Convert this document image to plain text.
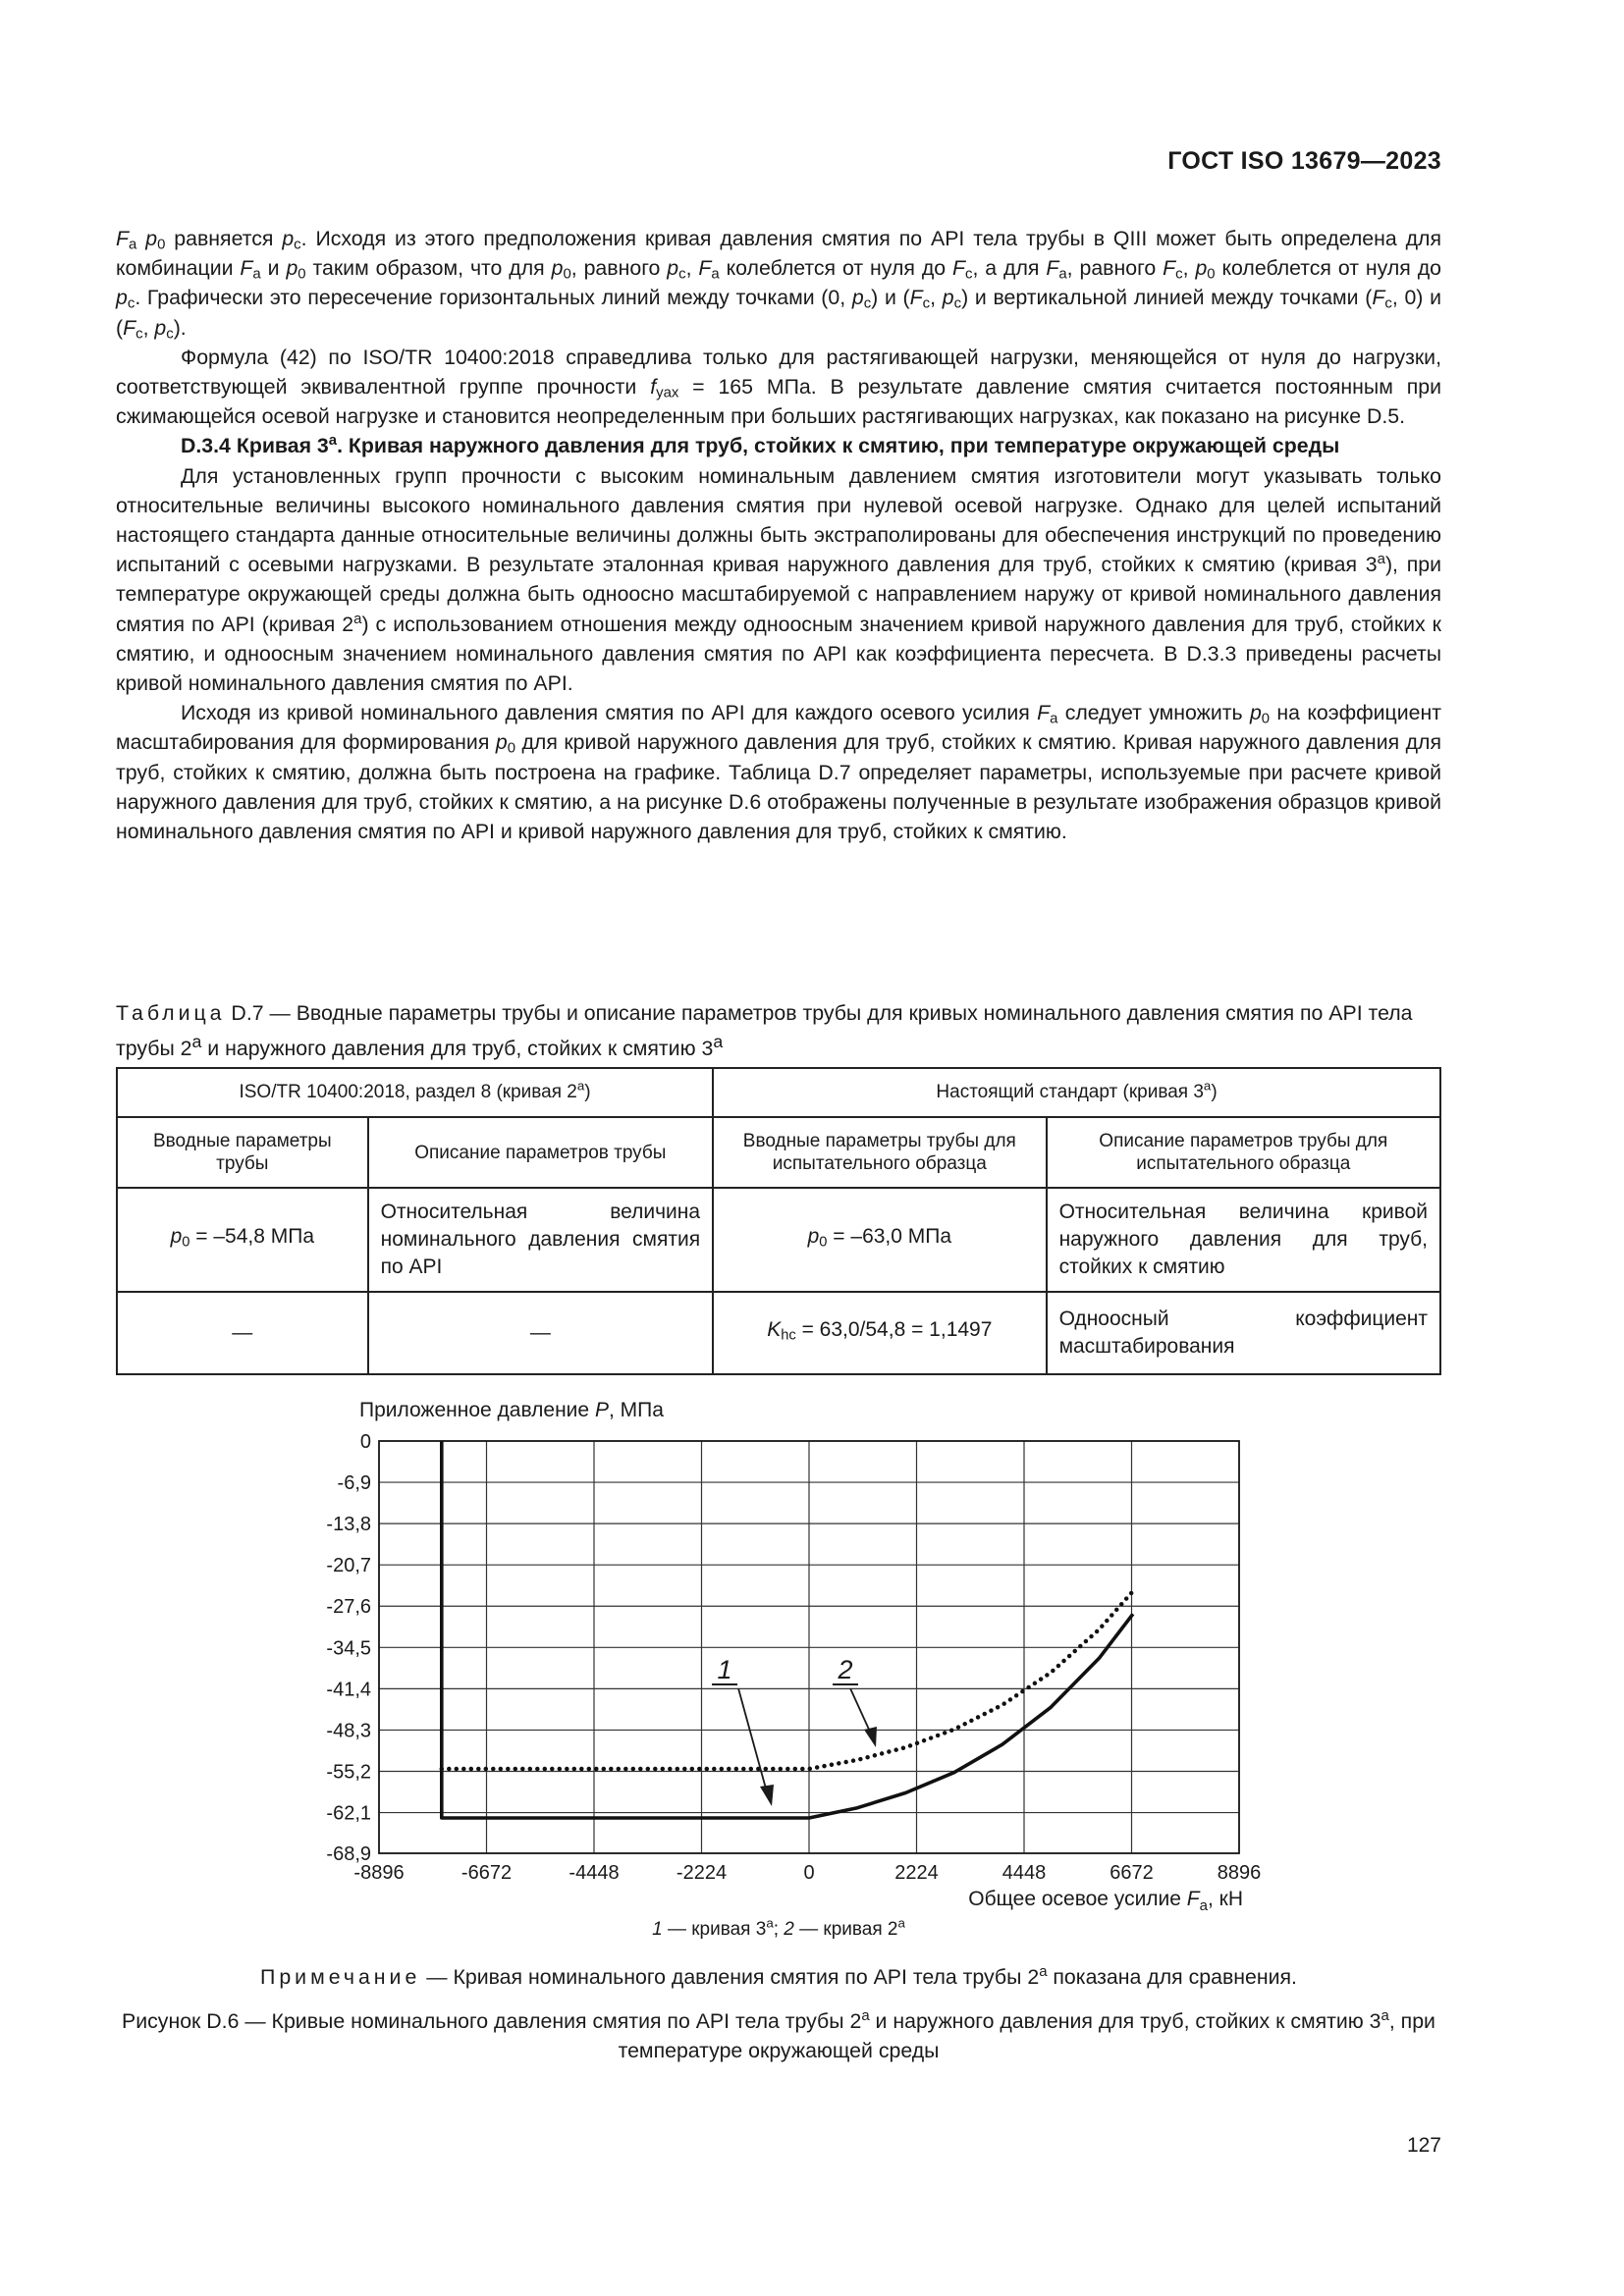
ГОСТ ISO 13679—2023

$F_a$ $p_0$ равняется $p_c$. Исходя из этого предположения кривая давления смятия по API тела трубы в QIII может быть определена для комбинации $F_a$ и $p_0$ таким образом, что для $p_0$, равного $p_c$, $F_a$ колеблется от нуля до $F_c$, а для $F_a$, равного $F_c$, $p_0$ колеблется от нуля до $p_c$. Графически это пересечение горизонтальных линий между точками (0, $p_c$) и ($F_c$, $p_c$) и вертикальной линией между точками ($F_c$, 0) и ($F_c$, $p_c$).

Формула (42) по ISO/TR 10400:2018 справедлива только для растягивающей нагрузки, меняющейся от нуля до нагрузки, соответствующей эквивалентной группе прочности $f_{yax} = 165$ МПа. В результате давление смятия считается постоянным при сжимающейся осевой нагрузке и становится неопределенным при больших растягивающих нагрузках, как показано на рисунке D.5.

D.3.4 Кривая 3$^a$. Кривая наружного давления для труб, стойких к смятию, при температуре окружающей среды

Для установленных групп прочности с высоким номинальным давлением смятия изготовители могут указывать только относительные величины высокого номинального давления смятия при нулевой осевой нагрузке. Однако для целей испытаний настоящего стандарта данные относительные величины должны быть экстраполированы для обеспечения инструкций по проведению испытаний с осевыми нагрузками. В результате эталонная кривая наружного давления для труб, стойких к смятию (кривая 3$^a$), при температуре окружающей среды должна быть одноосно масштабируемой с направлением наружу от кривой номинального давления смятия по API (кривая 2$^a$) с использованием отношения между одноосным значением кривой наружного давления для труб, стойких к смятию, и одноосным значением номинального давления смятия по API как коэффициента пересчета. В D.3.3 приведены расчеты кривой номинального давления смятия по API.

Исходя из кривой номинального давления смятия по API для каждого осевого усилия $F_a$ следует умножить $p_0$ на коэффициент масштабирования для формирования $p_0$ для кривой наружного давления для труб, стойких к смятию. Кривая наружного давления для труб, стойких к смятию, должна быть построена на графике. Таблица D.7 определяет параметры, используемые при расчете кривой наружного давления для труб, стойких к смятию, а на рисунке D.6 отображены полученные в результате изображения образцов кривой номинального давления смятия по API и кривой наружного давления для труб, стойких к смятию.

Таблица D.7 — Вводные параметры трубы и описание параметров трубы для кривых номинального давления смятия по API тела трубы 2$^a$ и наружного давления для труб, стойких к смятию 3$^a$
ISO/TR 10400:2018, раздел 8 (кривая 2$^a$)		Настоящий стандарт (кривая 3$^a$)	
Вводные параметры трубы	Описание параметров трубы	Вводные параметры трубы для испытательного образца	Описание параметров трубы для испытательного образца
$p_0 = -54,8$ МПа	Относительная величина номинального давления смятия по API	$p_0 = -63,0$ МПа	Относительная величина кривой наружного давления для труб, стойких к смятию
—	—	$K_{hc} = 63,0/54,8 = 1,1497$	Одноосный коэффициент масштабирования
Приложенное давление P, МПа
-8896	-6672	-4448	-2224	0	2224	4448	6672	8896
0
-6,9
-13,8
-20,7
-27,6
-34,5
-41,4
-48,3
-55,2
-62,1
-68,9
1	2
Общее осевое усилие $F_a$, кН
1 — кривая 3$^a$; 2 — кривая 2$^a$
Примечание — Кривая номинального давления смятия по API тела трубы 2$^a$ показана для сравнения.
Рисунок D.6 — Кривые номинального давления смятия по API тела трубы 2$^a$ и наружного давления для труб, стойких к смятию 3$^a$, при температуре окружающей среды
127
